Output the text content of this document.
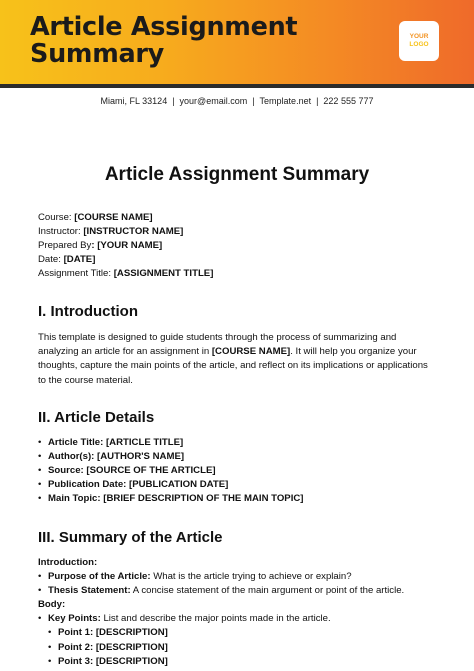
Article Assignment Summary
YOUR
LOGO
Miami, FL 33124 | your@email.com | Template.net | 222 555 777
Article Assignment Summary
Course: [COURSE NAME]
Instructor: [INSTRUCTOR NAME]
Prepared By: [YOUR NAME]
Date: [DATE]
Assignment Title: [ASSIGNMENT TITLE]
I. Introduction
This template is designed to guide students through the process of summarizing and analyzing an article for an assignment in [COURSE NAME]. It will help you organize your thoughts, capture the main points of the article, and reflect on its implications or applications to the course material.
II. Article Details
• Article Title: [ARTICLE TITLE]
• Author(s): [AUTHOR'S NAME]
• Source: [SOURCE OF THE ARTICLE]
• Publication Date: [PUBLICATION DATE]
• Main Topic: [BRIEF DESCRIPTION OF THE MAIN TOPIC]
III. Summary of the Article
Introduction:
• Purpose of the Article: What is the article trying to achieve or explain?
• Thesis Statement: A concise statement of the main argument or point of the article.
Body:
• Key Points: List and describe the major points made in the article.
• Point 1: [DESCRIPTION]
• Point 2: [DESCRIPTION]
• Point 3: [DESCRIPTION]
